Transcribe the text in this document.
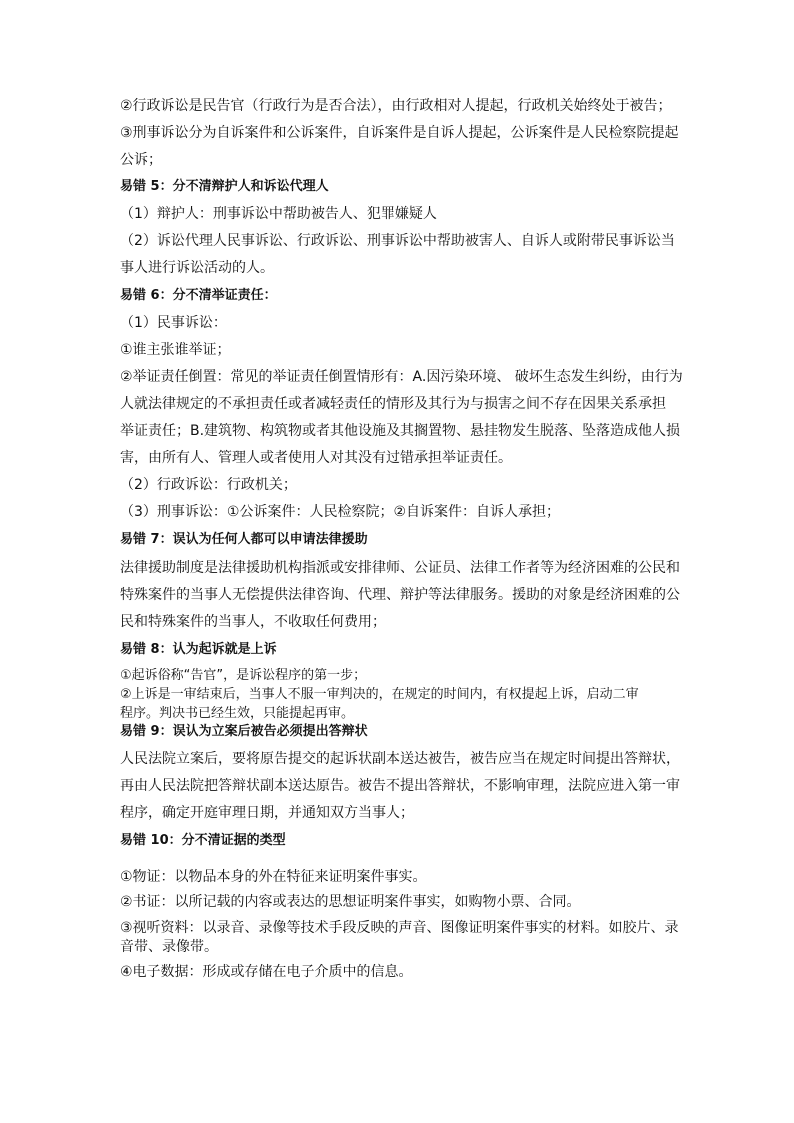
②行政诉讼是民告官（行政行为是否合法），由行政相对人提起，行政机关始终处于被告；
③刑事诉讼分为自诉案件和公诉案件，自诉案件是自诉人提起，公诉案件是人民检察院提起
公诉；
易错 5：分不清辩护人和诉讼代理人
（1）辩护人：刑事诉讼中帮助被告人、犯罪嫌疑人
（2）诉讼代理人民事诉讼、行政诉讼、刑事诉讼中帮助被害人、自诉人或附带民事诉讼当
事人进行诉讼活动的人。
易错 6：分不清举证责任：
（1）民事诉讼：
①谁主张谁举证；
②举证责任倒置：常见的举证责任倒置情形有：A.因污染环境、 破坏生态发生纠纷，由行为
人就法律规定的不承担责任或者减轻责任的情形及其行为与损害之间不存在因果关系承担
举证责任；B.建筑物、构筑物或者其他设施及其搁置物、悬挂物发生脱落、坠落造成他人损
害，由所有人、管理人或者使用人对其没有过错承担举证责任。
（2）行政诉讼：行政机关；
（3）刑事诉讼：①公诉案件：人民检察院；②自诉案件：自诉人承担；
易错 7：误认为任何人都可以申请法律援助
法律援助制度是法律援助机构指派或安排律师、公证员、法律工作者等为经济困难的公民和
特殊案件的当事人无偿提供法律咨询、代理、辩护等法律服务。援助的对象是经济困难的公
民和特殊案件的当事人，不收取任何费用；
易错 8：认为起诉就是上诉
①起诉俗称“告官”，是诉讼程序的第一步；
②上诉是一审结束后，当事人不服一审判决的，在规定的时间内，有权提起上诉，启动二审
程序。判决书已经生效，只能提起再审。
易错 9：误认为立案后被告必须提出答辩状
人民法院立案后，要将原告提交的起诉状副本送达被告，被告应当在规定时间提出答辩状，
再由人民法院把答辩状副本送达原告。被告不提出答辩状，不影响审理，法院应进入第一审
程序，确定开庭审理日期，并通知双方当事人；
易错 10：分不清证据的类型
①物证：以物品本身的外在特征来证明案件事实。
②书证：以所记载的内容或表达的思想证明案件事实，如购物小票、合同。
③视听资料：以录音、录像等技术手段反映的声音、图像证明案件事实的材料。如胶片、录
音带、录像带。
④电子数据：形成或存储在电子介质中的信息。
